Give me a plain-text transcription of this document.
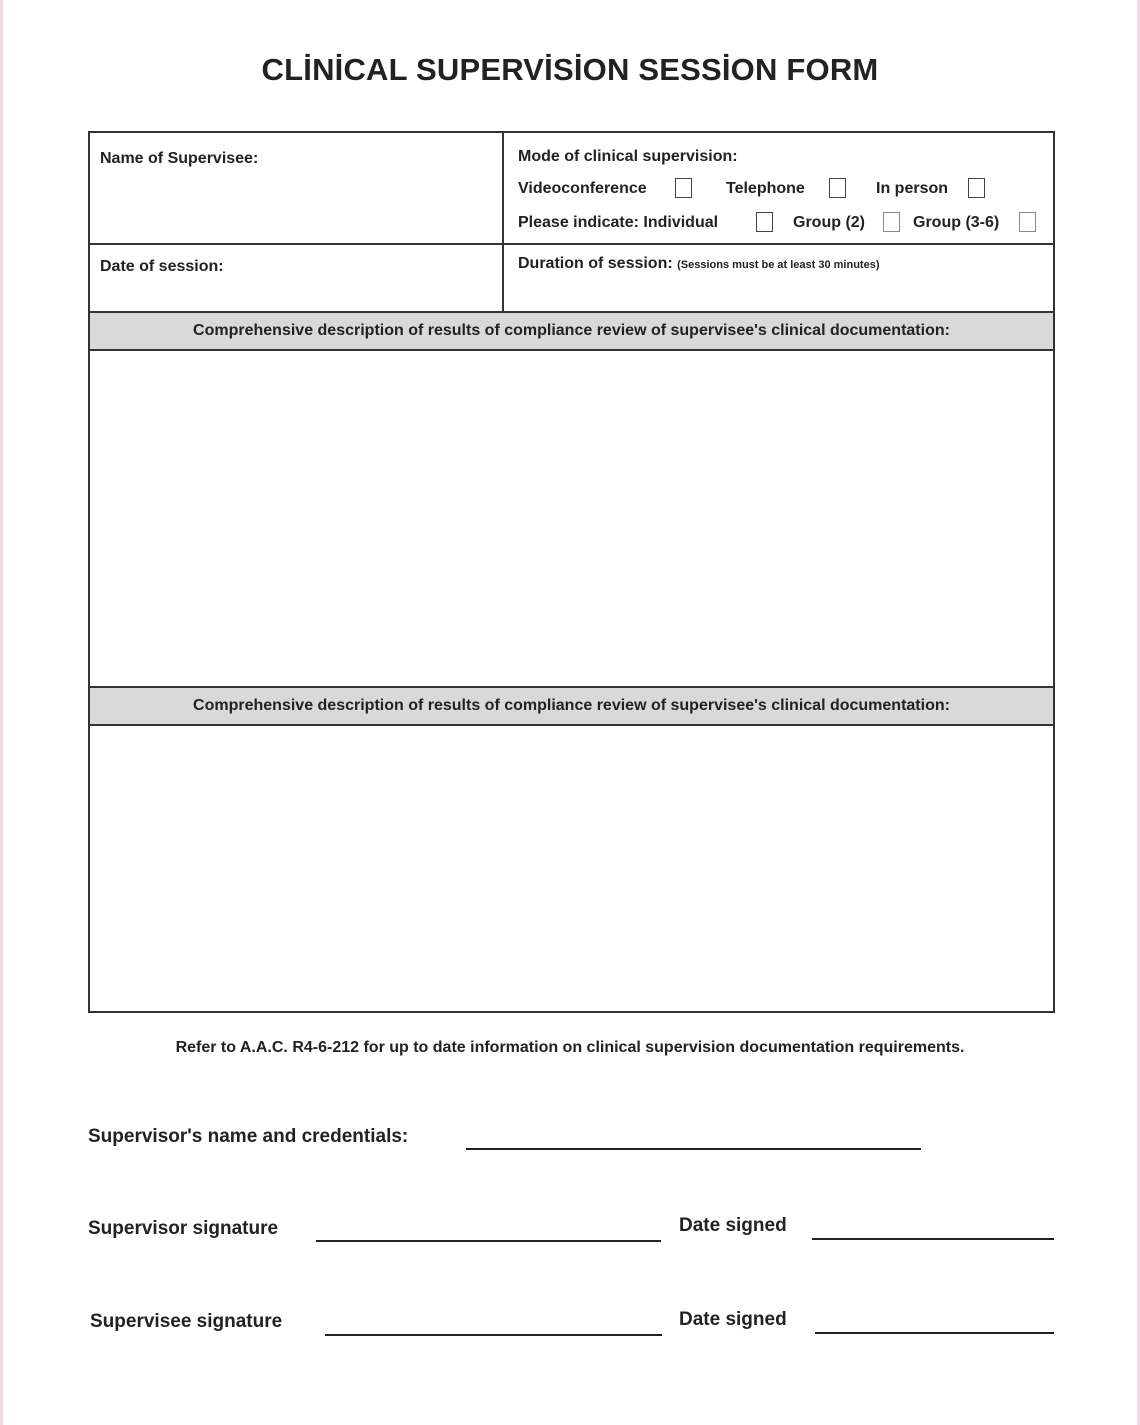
CLİNİCAL SUPERVİSİON SESSİON FORM
Name of Supervisee:	Mode of clinical supervision:
Videoconference	Telephone	In person
Please indicate: Individual	Group (2)	Group (3-6)
Date of session:	Duration of session: (Sessions must be at least 30 minutes)
Comprehensive description of results of compliance review of supervisee's clinical documentation:
Comprehensive description of results of compliance review of supervisee's clinical documentation:
Refer to A.A.C. R4-6-212 for up to date information on clinical supervision documentation requirements.
Supervisor's name and credentials:
Supervisor signature	Date signed
Supervisee signature	Date signed
